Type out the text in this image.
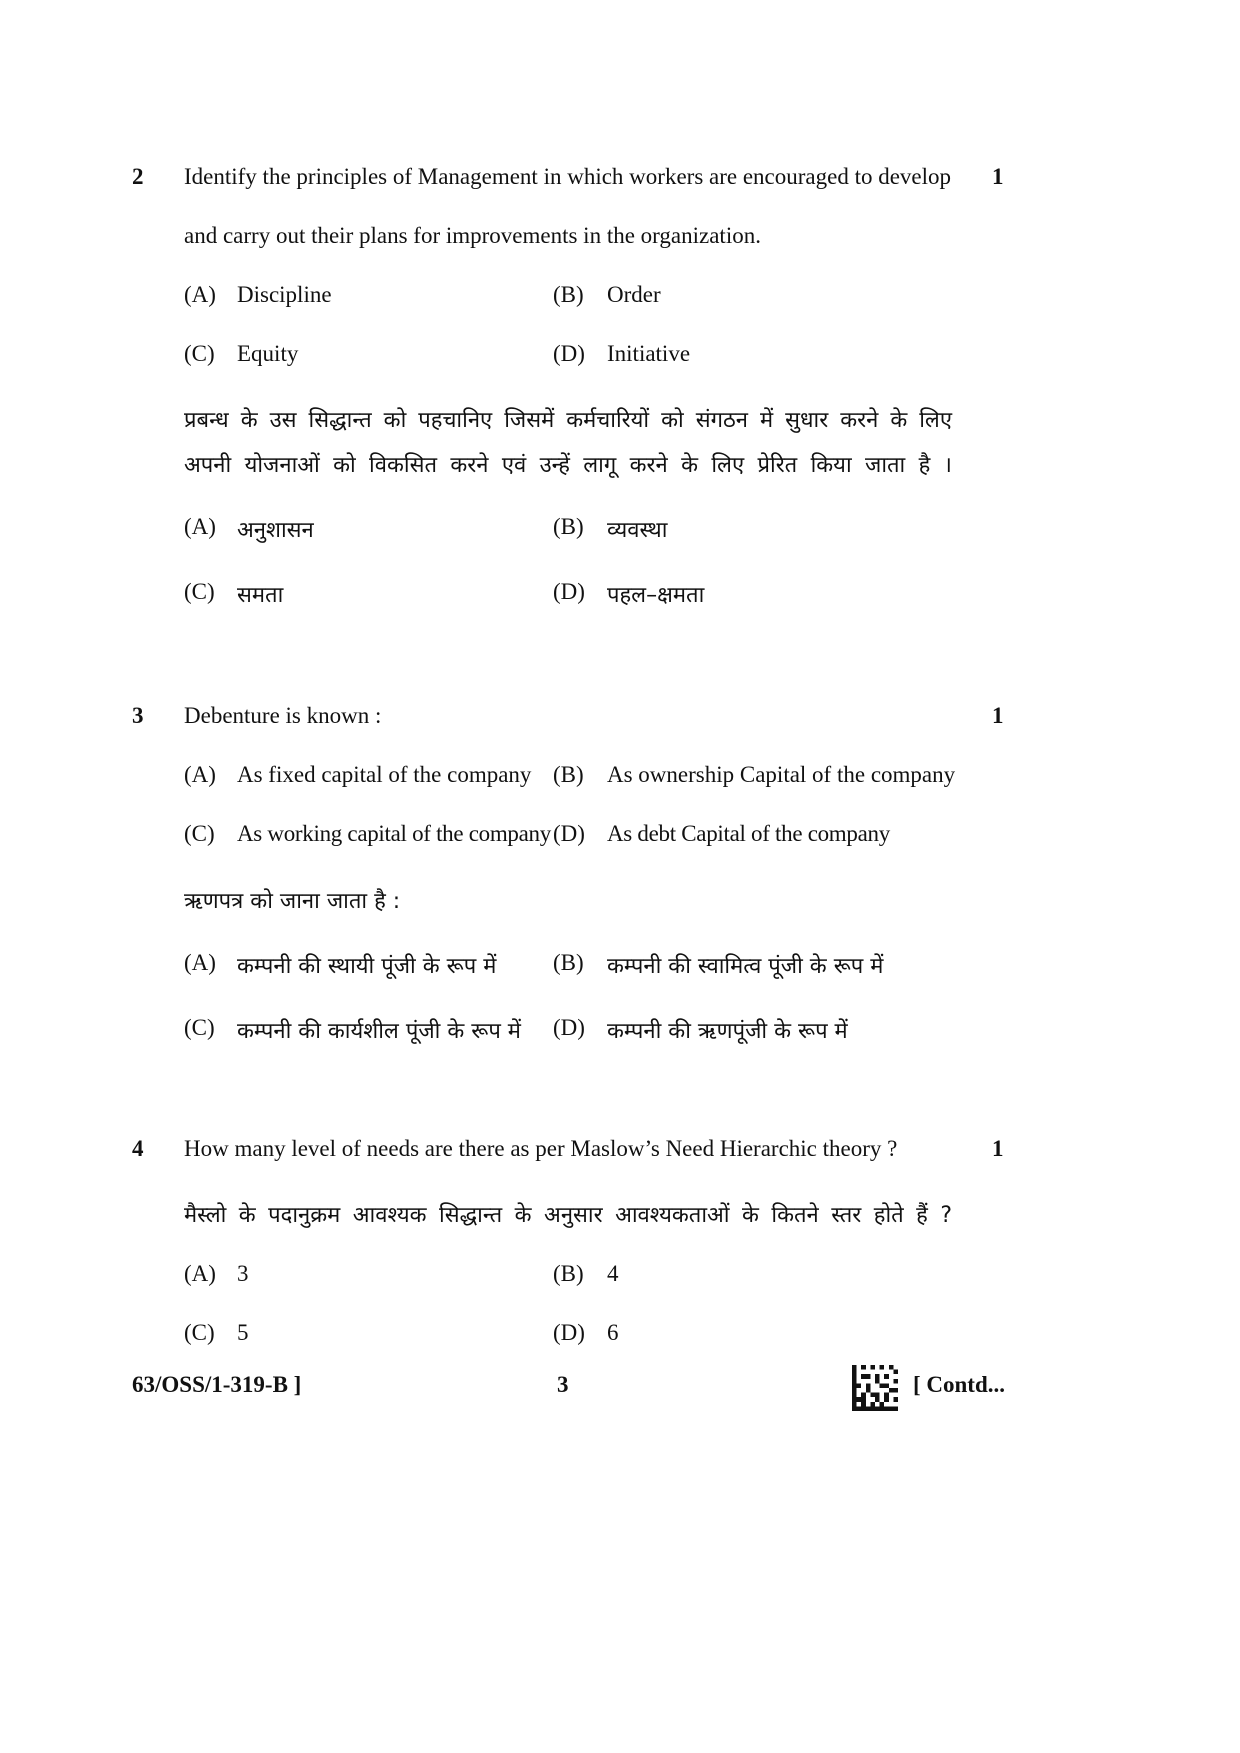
2 Identify the principles of Management in which workers are encouraged to develop 1
and carry out their plans for improvements in the organization.
(A) Discipline	(B) Order
(C) Equity	(D) Initiative
प्रबन्ध के उस सिद्धान्त को पहचानिए जिसमें कर्मचारियों को संगठन में सुधार करने के लिए
अपनी योजनाओं को विकसित करने एवं उन्हें लागू करने के लिए प्रेरित किया जाता है ।
(A) अनुशासन	(B) व्यवस्था
(C) समता	(D) पहल–क्षमता
3 Debenture is known :	1
(A) As fixed capital of the company (B) As ownership Capital of the company
(C) As working capital of the company (D) As debt Capital of the company
ऋणपत्र को जाना जाता है :
(A) कम्पनी की स्थायी पूंजी के रूप में (B) कम्पनी की स्वामित्व पूंजी के रूप में
(C) कम्पनी की कार्यशील पूंजी के रूप में (D) कम्पनी की ऋणपूंजी के रूप में
4 How many level of needs are there as per Maslow’s Need Hierarchic theory ?	1
मैस्लो के पदानुक्रम आवश्यक सिद्धान्त के अनुसार आवश्यकताओं के कितने स्तर होते हैं ?
(A) 3	(B) 4
(C) 5	(D) 6
63/OSS/1-319-B ]	3	[ Contd...
